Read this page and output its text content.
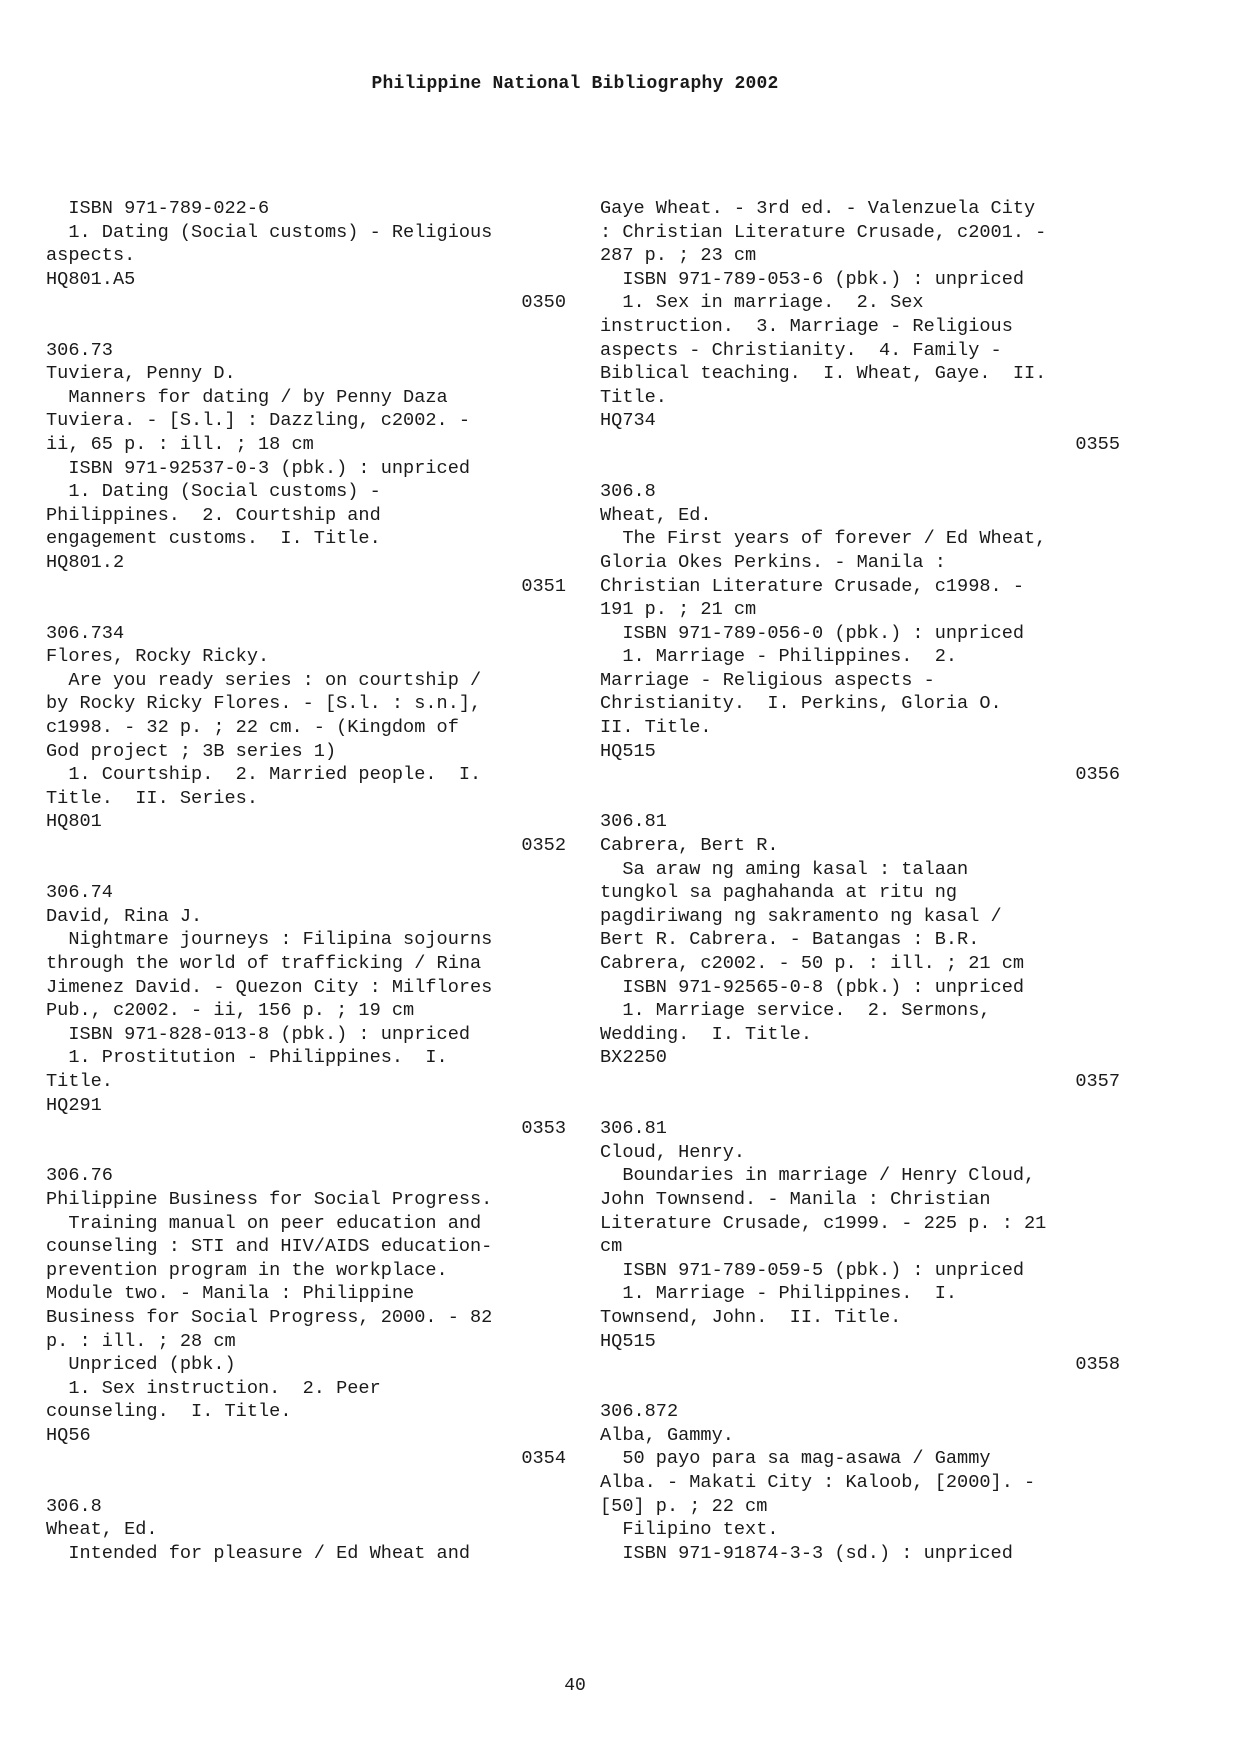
Philippine National Bibliography 2002
ISBN 971-789-022-6
1. Dating (Social customs) - Religious
aspects.
HQ801.A5
0350
306.73
Tuviera, Penny D.
Manners for dating / by Penny Daza
Tuviera. - [S.l.] : Dazzling, c2002. -
ii, 65 p. : ill. ; 18 cm
ISBN 971-92537-0-3 (pbk.) : unpriced
1. Dating (Social customs) -
Philippines.  2. Courtship and
engagement customs.  I. Title.
HQ801.2
0351
306.734
Flores, Rocky Ricky.
Are you ready series : on courtship /
by Rocky Ricky Flores. - [S.l. : s.n.],
c1998. - 32 p. ; 22 cm. - (Kingdom of
God project ; 3B series 1)
1. Courtship.  2. Married people.  I.
Title.  II. Series.
HQ801
0352
306.74
David, Rina J.
Nightmare journeys : Filipina sojourns
through the world of trafficking / Rina
Jimenez David. - Quezon City : Milflores
Pub., c2002. - ii, 156 p. ; 19 cm
ISBN 971-828-013-8 (pbk.) : unpriced
1. Prostitution - Philippines.  I.
Title.
HQ291
0353
306.76
Philippine Business for Social Progress.
Training manual on peer education and
counseling : STI and HIV/AIDS education-
prevention program in the workplace.
Module two. - Manila : Philippine
Business for Social Progress, 2000. - 82
p. : ill. ; 28 cm
Unpriced (pbk.)
1. Sex instruction.  2. Peer
counseling.  I. Title.
HQ56
0354
306.8
Wheat, Ed.
Intended for pleasure / Ed Wheat and
Gaye Wheat. - 3rd ed. - Valenzuela City
: Christian Literature Crusade, c2001. -
287 p. ; 23 cm
ISBN 971-789-053-6 (pbk.) : unpriced
1. Sex in marriage.  2. Sex
instruction.  3. Marriage - Religious
aspects - Christianity.  4. Family -
Biblical teaching.  I. Wheat, Gaye.  II.
Title.
HQ734
0355
306.8
Wheat, Ed.
The First years of forever / Ed Wheat,
Gloria Okes Perkins. - Manila :
Christian Literature Crusade, c1998. -
191 p. ; 21 cm
ISBN 971-789-056-0 (pbk.) : unpriced
1. Marriage - Philippines.  2.
Marriage - Religious aspects -
Christianity.  I. Perkins, Gloria O.
II. Title.
HQ515
0356
306.81
Cabrera, Bert R.
Sa araw ng aming kasal : talaan
tungkol sa paghahanda at ritu ng
pagdiriwang ng sakramento ng kasal /
Bert R. Cabrera. - Batangas : B.R.
Cabrera, c2002. - 50 p. : ill. ; 21 cm
ISBN 971-92565-0-8 (pbk.) : unpriced
1. Marriage service.  2. Sermons,
Wedding.  I. Title.
BX2250
0357
306.81
Cloud, Henry.
Boundaries in marriage / Henry Cloud,
John Townsend. - Manila : Christian
Literature Crusade, c1999. - 225 p. : 21
cm
ISBN 971-789-059-5 (pbk.) : unpriced
1. Marriage - Philippines.  I.
Townsend, John.  II. Title.
HQ515
0358
306.872
Alba, Gammy.
50 payo para sa mag-asawa / Gammy
Alba. - Makati City : Kaloob, [2000]. -
[50] p. ; 22 cm
Filipino text.
ISBN 971-91874-3-3 (sd.) : unpriced
40
